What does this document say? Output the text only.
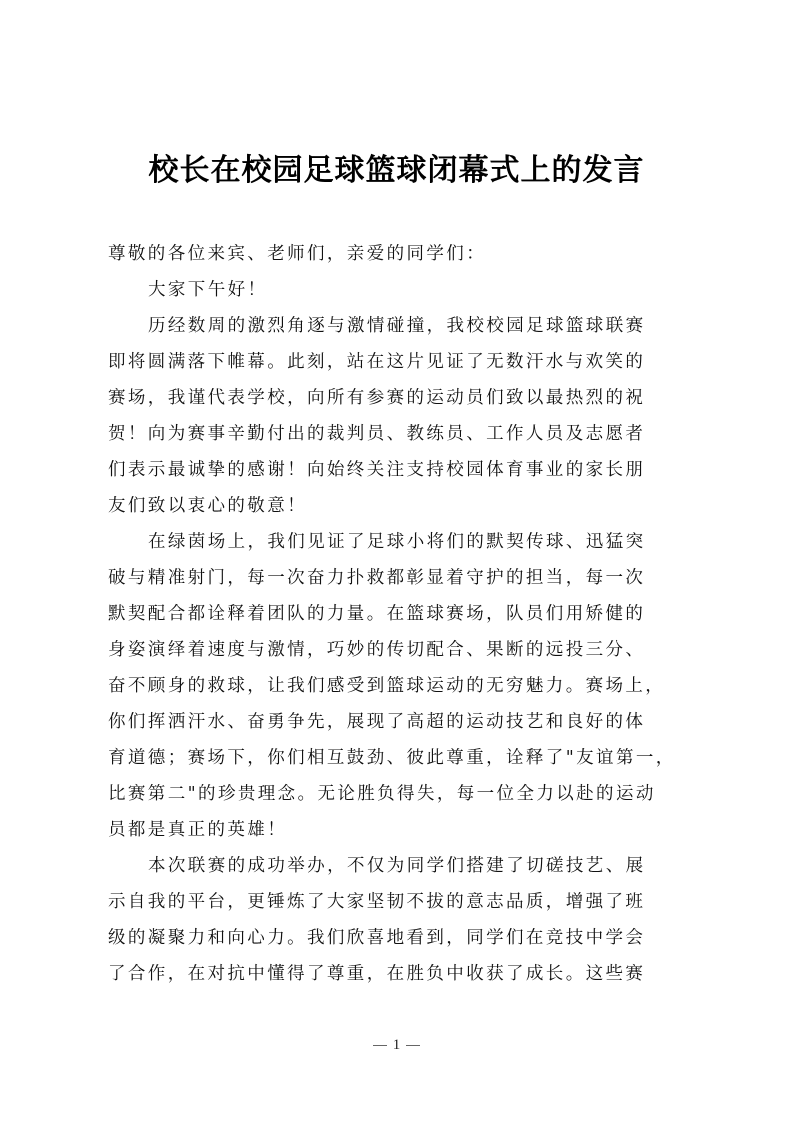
校长在校园足球篮球闭幕式上的发言
尊敬的各位来宾、老师们，亲爱的同学们：
大家下午好！
历经数周的激烈角逐与激情碰撞，我校校园足球篮球联赛
即将圆满落下帷幕。此刻，站在这片见证了无数汗水与欢笑的
赛场，我谨代表学校，向所有参赛的运动员们致以最热烈的祝
贺！向为赛事辛勤付出的裁判员、教练员、工作人员及志愿者
们表示最诚挚的感谢！向始终关注支持校园体育事业的家长朋
友们致以衷心的敬意！
在绿茵场上，我们见证了足球小将们的默契传球、迅猛突
破与精准射门，每一次奋力扑救都彰显着守护的担当，每一次
默契配合都诠释着团队的力量。在篮球赛场，队员们用矫健的
身姿演绎着速度与激情，巧妙的传切配合、果断的远投三分、
奋不顾身的救球，让我们感受到篮球运动的无穷魅力。赛场上，
你们挥洒汗水、奋勇争先，展现了高超的运动技艺和良好的体
育道德；赛场下，你们相互鼓劲、彼此尊重，诠释了"友谊第一，
比赛第二"的珍贵理念。无论胜负得失，每一位全力以赴的运动
员都是真正的英雄！
本次联赛的成功举办，不仅为同学们搭建了切磋技艺、展
示自我的平台，更锤炼了大家坚韧不拔的意志品质，增强了班
级的凝聚力和向心力。我们欣喜地看到，同学们在竞技中学会
了合作，在对抗中懂得了尊重，在胜负中收获了成长。这些赛
1
